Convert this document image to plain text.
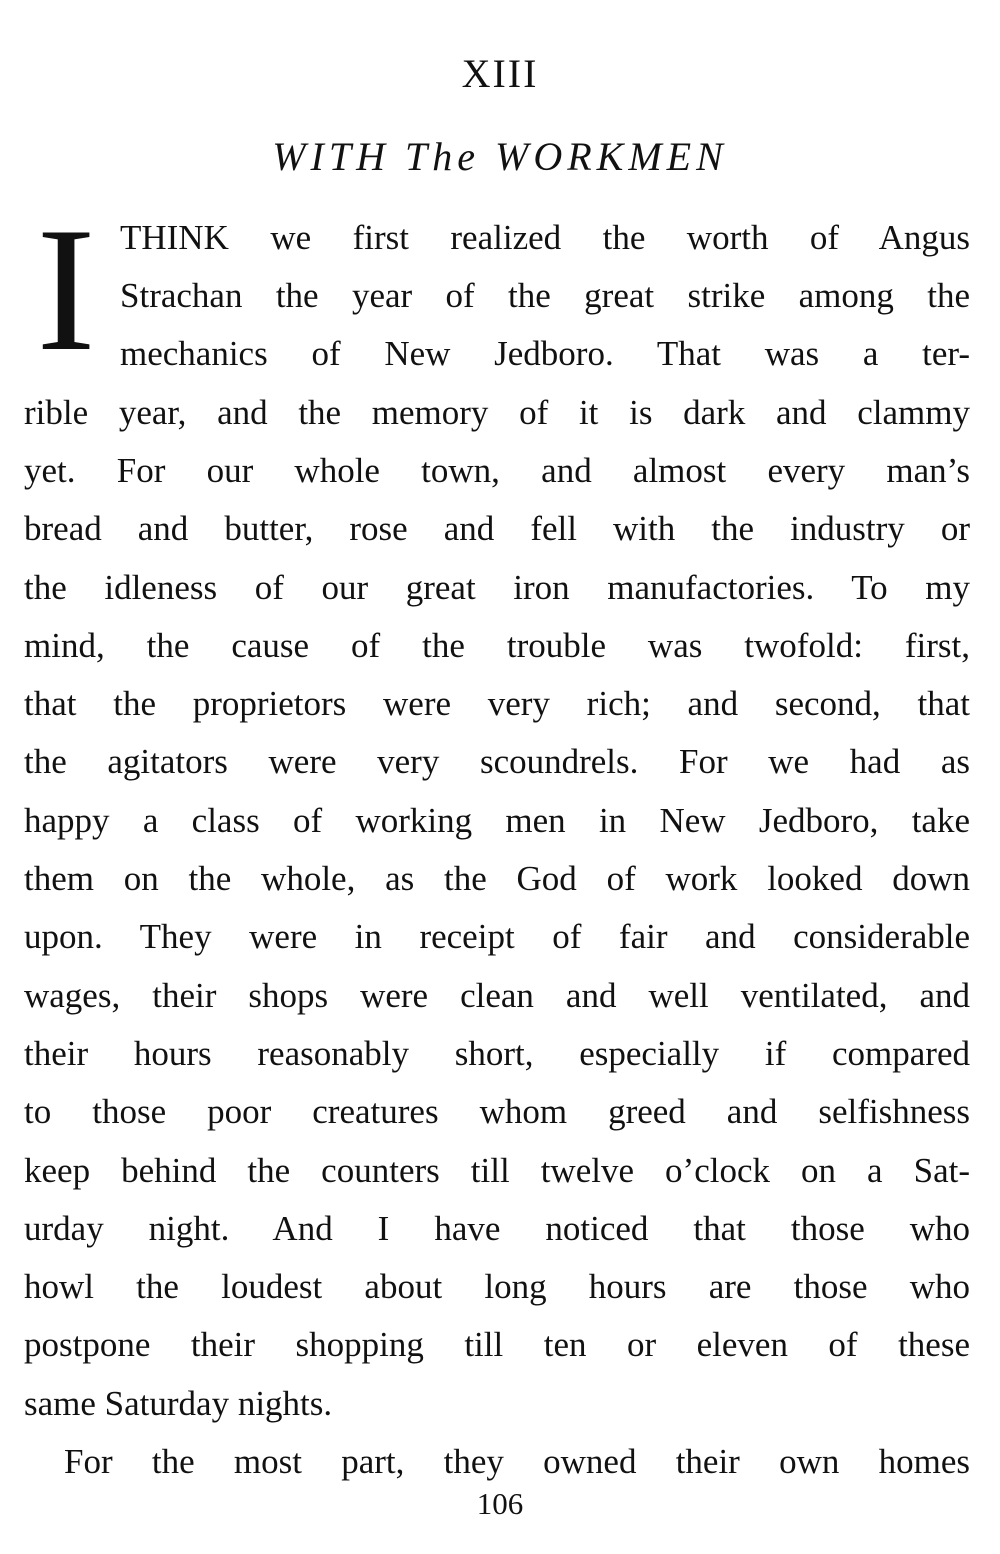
XIII
WITH The WORKMEN
I THINK we first realized the worth of Angus
Strachan the year of the great strike among the
mechanics of New Jedboro. That was a ter-
rible year, and the memory of it is dark and clammy
yet. For our whole town, and almost every man’s
bread and butter, rose and fell with the industry or
the idleness of our great iron manufactories. To my
mind, the cause of the trouble was twofold: first,
that the proprietors were very rich; and second, that
the agitators were very scoundrels. For we had as
happy a class of working men in New Jedboro, take
them on the whole, as the God of work looked down
upon. They were in receipt of fair and considerable
wages, their shops were clean and well ventilated, and
their hours reasonably short, especially if compared
to those poor creatures whom greed and selfishness
keep behind the counters till twelve o’clock on a Sat-
urday night. And I have noticed that those who
howl the loudest about long hours are those who
postpone their shopping till ten or eleven of these
same Saturday nights.
For the most part, they owned their own homes
106
